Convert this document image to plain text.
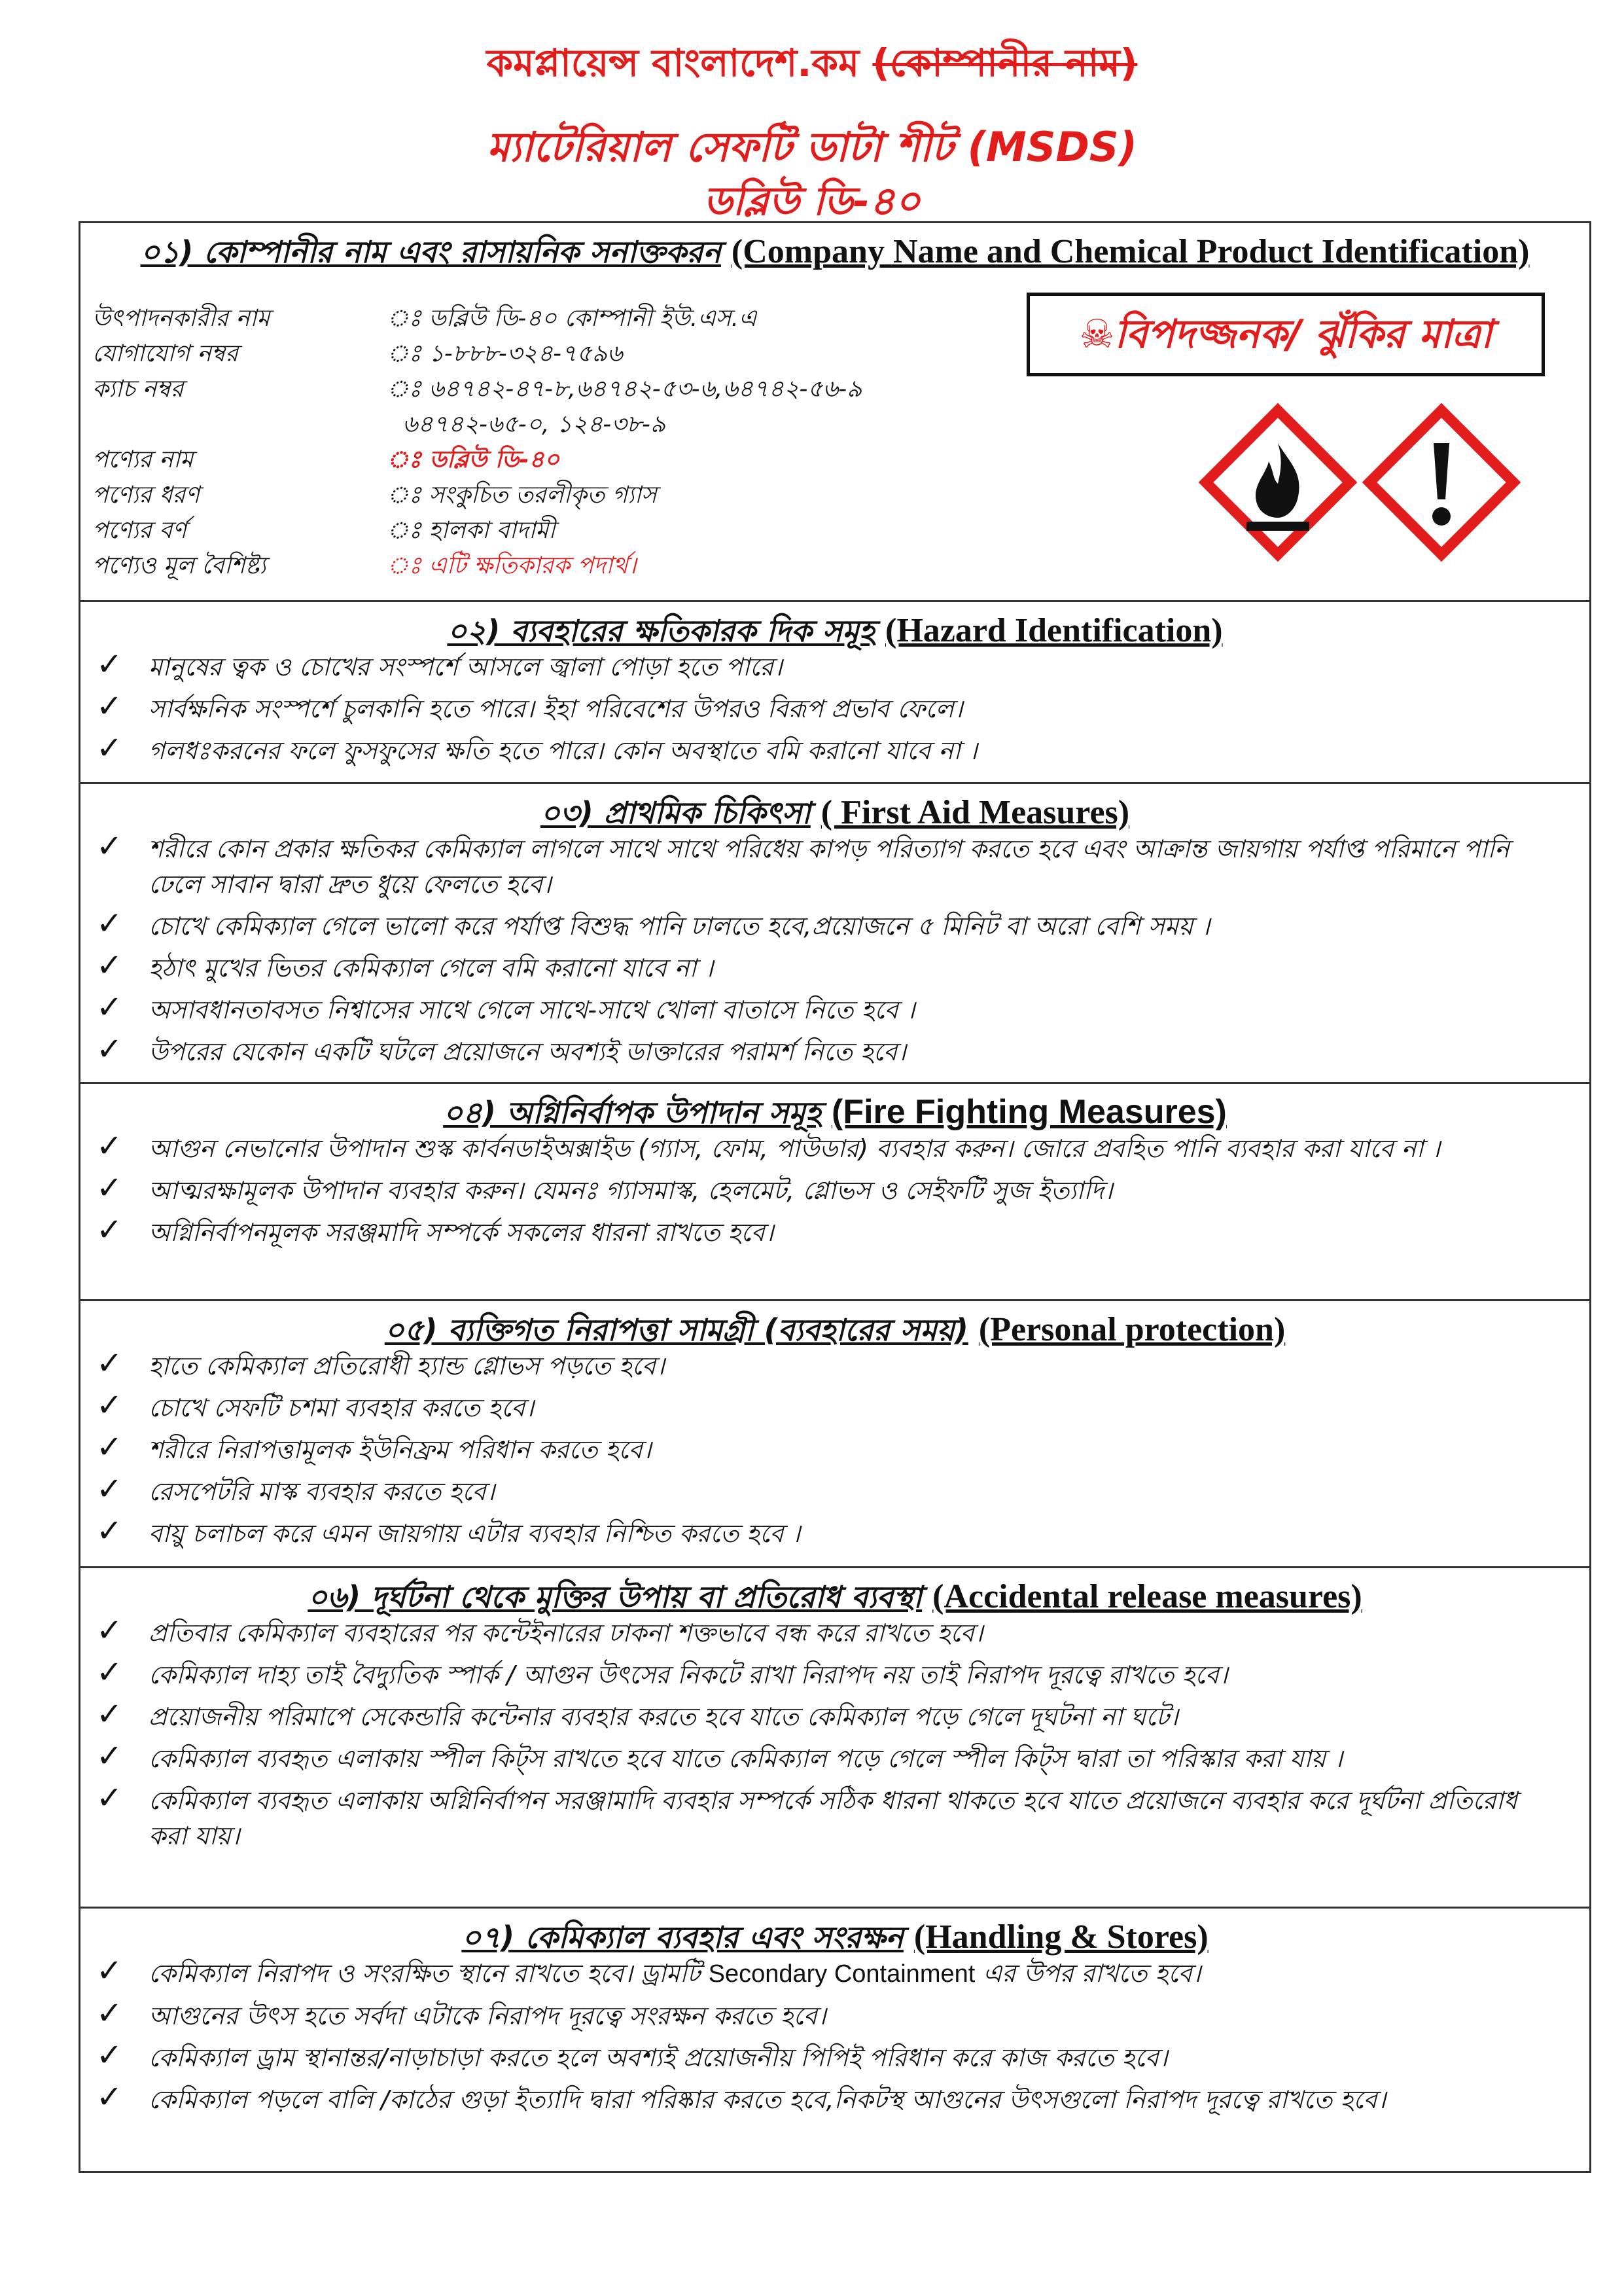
কমপ্লায়েন্স বাংলাদেশ.কম (কোম্পানীর নাম)
ম্যাটেরিয়াল সেফটি ডাটা শীট (MSDS)
ডব্লিউ ডি-৪০
০১) কোম্পানীর নাম এবং রাসায়নিক সনাক্তকরন (Company Name and Chemical Product Identification)
উৎপাদনকারীর নাম	ঃ ডব্লিউ ডি-৪০ কোম্পানী ইউ.এস.এ
যোগাযোগ নম্বর	ঃ ১-৮৮৮-৩২৪-৭৫৯৬
ক্যাচ নম্বর	ঃ ৬৪৭৪২-৪৭-৮,৬৪৭৪২-৫৩-৬,৬৪৭৪২-৫৬-৯
৬৪৭৪২-৬৫-০, ১২৪-৩৮-৯
পণ্যের নাম	ঃ ডব্লিউ ডি-৪০
পণ্যের ধরণ	ঃ সংকুচিত তরলীকৃত গ্যাস
পণ্যের বর্ণ	ঃ হালকা বাদামী
পণ্যেও মূল বৈশিষ্ট্য	ঃ এটি ক্ষতিকারক পদার্থ।
☠বিপদজ্জনক/ ঝুঁকির মাত্রা
০২) ব্যবহারের ক্ষতিকারক দিক সমূহ (Hazard Identification)
✓ মানুষের ত্বক ও চোখের সংস্পর্শে আসলে জ্বালা পোড়া হতে পারে।
✓ সার্বক্ষনিক সংস্পর্শে চুলকানি হতে পারে। ইহা পরিবেশের উপরও বিরূপ প্রভাব ফেলে।
✓ গলধঃকরনের ফলে ফুসফুসের ক্ষতি হতে পারে। কোন অবস্থাতে বমি করানো যাবে না ।
০৩) প্রাথমিক চিকিৎসা ( First Aid Measures)
✓ শরীরে কোন প্রকার ক্ষতিকর কেমিক্যাল লাগলে সাথে সাথে পরিধেয় কাপড় পরিত্যাগ করতে হবে এবং আক্রান্ত জায়গায় পর্যাপ্ত পরিমানে পানি ঢেলে সাবান দ্বারা দ্রুত ধুয়ে ফেলতে হবে।
✓ চোখে কেমিক্যাল গেলে ভালো করে পর্যাপ্ত বিশুদ্ধ পানি ঢালতে হবে,প্রয়োজনে ৫ মিনিট বা অরো বেশি সময় ।
✓ হঠাৎ মুখের ভিতর কেমিক্যাল গেলে বমি করানো যাবে না ।
✓ অসাবধানতাবসত নিশ্বাসের সাথে গেলে সাথে-সাথে খোলা বাতাসে নিতে হবে ।
✓ উপরের যেকোন একটি ঘটলে প্রয়োজনে অবশ্যই ডাক্তারের পরামর্শ নিতে হবে।
০৪) অগ্নিনির্বাপক উপাদান সমূহ (Fire Fighting Measures)
✓ আগুন নেভানোর উপাদান শুস্ক কার্বনডাইঅক্সাইড (গ্যাস, ফোম, পাউডার) ব্যবহার করুন। জোরে প্রবহিত পানি ব্যবহার করা যাবে না ।
✓ আত্মরক্ষামূলক উপাদান ব্যবহার করুন। যেমনঃ গ্যাসমাস্ক, হেলমেট, গ্লোভস ও সেইফটি সুজ ইত্যাদি।
✓ অগ্নিনির্বাপনমূলক সরঞ্জমাদি সম্পর্কে সকলের ধারনা রাখতে হবে।
০৫) ব্যক্তিগত নিরাপত্তা সামগ্রী (ব্যবহারের সময়) (Personal protection)
✓ হাতে কেমিক্যাল প্রতিরোধী হ্যান্ড গ্লোভস পড়তে হবে।
✓ চোখে সেফটি চশমা ব্যবহার করতে হবে।
✓ শরীরে নিরাপত্তামূলক ইউনিফ্রম পরিধান করতে হবে।
✓ রেসপেটরি মাস্ক ব্যবহার করতে হবে।
✓ বায়ু চলাচল করে এমন জায়গায় এটার ব্যবহার নিশ্চিত করতে হবে ।
০৬) দূর্ঘটনা থেকে মুক্তির উপায় বা প্রতিরোধ ব্যবস্থা (Accidental release measures)
✓ প্রতিবার কেমিক্যাল ব্যবহারের পর কন্টেইনারের ঢাকনা শক্তভাবে বন্ধ করে রাখতে হবে।
✓ কেমিক্যাল দাহ্য তাই বৈদ্যুতিক স্পার্ক / আগুন উৎসের নিকটে রাখা নিরাপদ নয় তাই নিরাপদ দূরত্বে রাখতে হবে।
✓ প্রয়োজনীয় পরিমাপে সেকেন্ডারি কন্টেনার ব্যবহার করতে হবে যাতে কেমিক্যাল পড়ে গেলে দূঘটনা না ঘটে।
✓ কেমিক্যাল ব্যবহৃত এলাকায় স্পীল কিট্স রাখতে হবে যাতে কেমিক্যাল পড়ে গেলে স্পীল কিট্স দ্বারা তা পরিস্কার করা যায় ।
✓ কেমিক্যাল ব্যবহৃত এলাকায় অগ্নিনির্বাপন সরঞ্জামাদি ব্যবহার সম্পর্কে সঠিক ধারনা থাকতে হবে যাতে প্রয়োজনে ব্যবহার করে দূর্ঘটনা প্রতিরোধ করা যায়।
০৭) কেমিক্যাল ব্যবহার এবং সংরক্ষন (Handling & Stores)
✓ কেমিক্যাল নিরাপদ ও সংরক্ষিত স্থানে রাখতে হবে। ড্রামটি Secondary Containment এর উপর রাখতে হবে।
✓ আগুনের উৎস হতে সর্বদা এটাকে নিরাপদ দূরত্বে সংরক্ষন করতে হবে।
✓ কেমিক্যাল ড্রাম স্থানান্তর/নাড়াচাড়া করতে হলে অবশ্যই প্রয়োজনীয় পিপিই পরিধান করে কাজ করতে হবে।
✓ কেমিক্যাল পড়লে বালি /কাঠের গুড়া ইত্যাদি দ্বারা পরিষ্কার করতে হবে,নিকটস্থ আগুনের উৎসগুলো নিরাপদ দূরত্বে রাখতে হবে।
